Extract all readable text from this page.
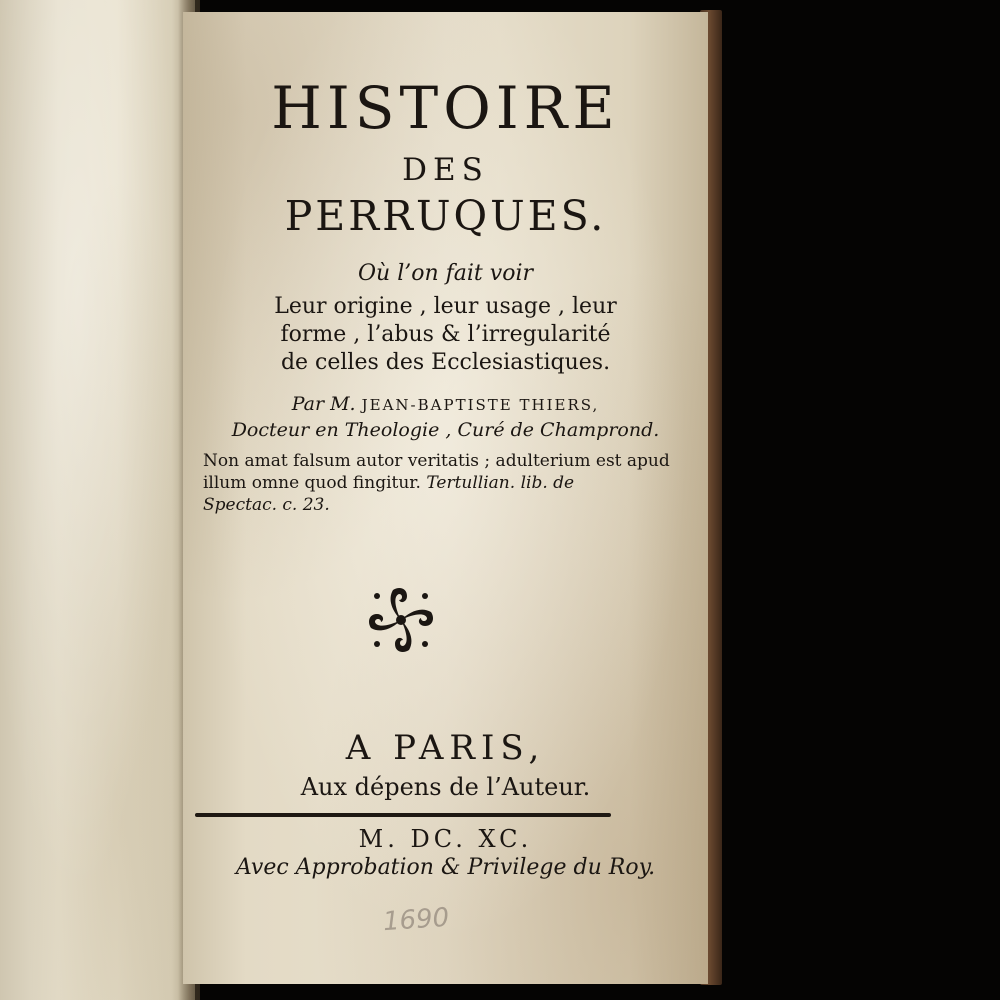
HISTOIRE

DES

PERRUQUES.

Où l’on fait voir

Leur origine , leur usage , leur

forme , l’abus & l’irregularité

de celles des Ecclesiastiques.

Par M. JEAN-BAPTISTE THIERS,

Docteur en Theologie , Curé de Champrond.

Non amat falsum autor veritatis ; adulterium est apud
illum omne quod fingitur. Tertullian. lib. de
Spectac. c. 23.

A PARIS,

Aux dépens de l’Auteur.

M. DC. XC.

Avec Approbation & Privilege du Roy.

1690
